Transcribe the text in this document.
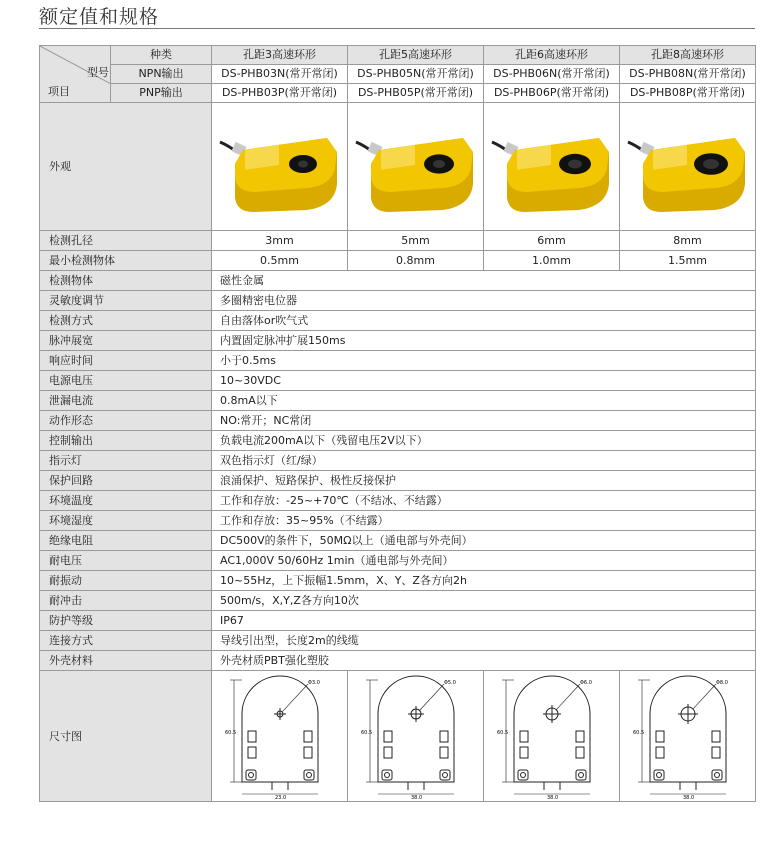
额定值和规格
型号
项目	种类	孔距3高速环形	孔距5高速环形	孔距6高速环形	孔距8高速环形
	NPN输出	DS-PHB03N(常开常闭)	DS-PHB05N(常开常闭)	DS-PHB06N(常开常闭)	DS-PHB08N(常开常闭)
	PNP输出	DS-PHB03P(常开常闭)	DS-PHB05P(常开常闭)	DS-PHB06P(常开常闭)	DS-PHB08P(常开常闭)
外观	

检测孔径		3mm	5mm	6mm	8mm
最小检测物体		0.5mm	0.8mm	1.0mm	1.5mm
检测物体		磁性金属			
灵敏度调节		多圈精密电位器			
检测方式		自由落体or吹气式			
脉冲展宽		内置固定脉冲扩展150ms			
响应时间		小于0.5ms			
电源电压		10~30VDC			
泄漏电流		0.8mA以下			
动作形态		NO:常开；NC常闭			
控制输出		负载电流200mA以下（残留电压2V以下）			
指示灯		双色指示灯（红/绿）			
保护回路		浪涌保护、短路保护、极性反接保护			
环境温度		工作和存放：-25~+70℃（不结冰、不结露）			
环境湿度		工作和存放：35~95%（不结露）			
绝缘电阻		DC500V的条件下，50MΩ以上（通电部与外壳间）			
耐电压		AC1,000V 50/60Hz 1min（通电部与外壳间）			
耐振动		10~55Hz，上下振幅1.5mm，X、Y、Z各方向2h			
耐冲击		500m/s，X,Y,Z各方向10次			
防护等级		IP67			
连接方式		导线引出型，长度2m的线缆			
外壳材料		外壳材质PBT强化塑胶			
尺寸图		Φ3.0
60.5
23.0	Φ5.0
60.5
38.0	Φ6.0
60.5
38.0	Φ8.0
60.5
38.0
